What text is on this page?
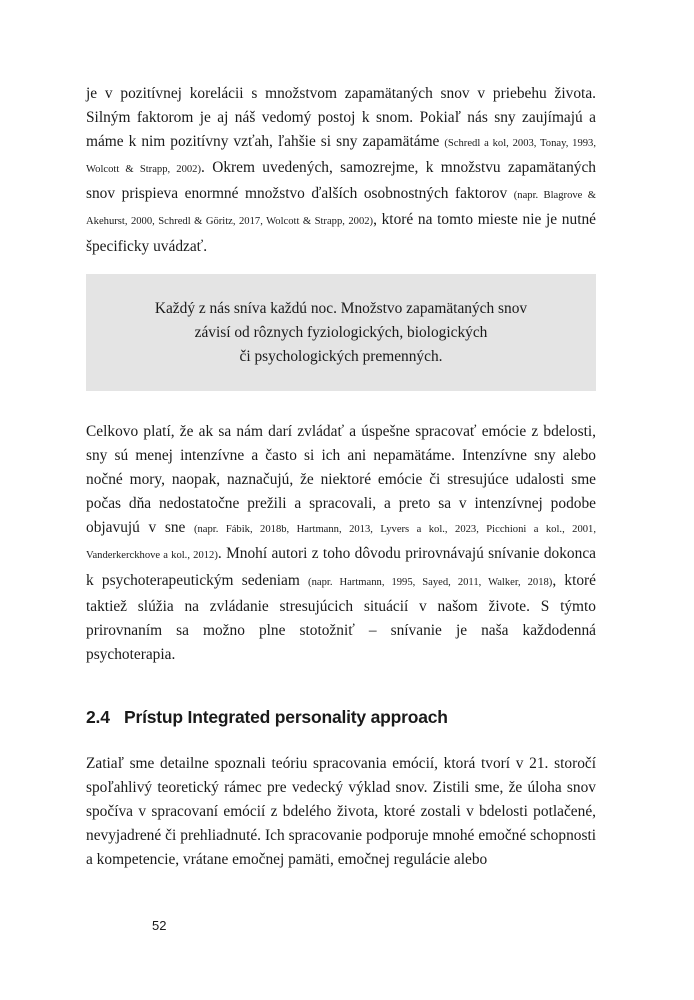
je v pozitívnej korelácii s množstvom zapamätaných snov v priebehu života. Silným faktorom je aj náš vedomý postoj k snom. Pokiaľ nás sny zaujímajú a máme k nim pozitívny vzťah, ľahšie si sny zapamätáme (Schredl a kol, 2003, Tonay, 1993, Wolcott & Strapp, 2002). Okrem uvedených, samozrejme, k množstvu zapamätaných snov prispieva enormné množstvo ďalších osobnostných faktorov (napr. Blagrove & Akehurst, 2000, Schredl & Göritz, 2017, Wolcott & Strapp, 2002), ktoré na tomto mieste nie je nutné špecificky uvádzať.

Každý z nás sníva každú noc. Množstvo zapamätaných snov
závisí od rôznych fyziologických, biologických
či psychologických premenných.

Celkovo platí, že ak sa nám darí zvládať a úspešne spracovať emócie z bdelosti, sny sú menej intenzívne a často si ich ani nepamätáme. Intenzívne sny alebo nočné mory, naopak, naznačujú, že niektoré emócie či stresujúce udalosti sme počas dňa nedostatočne prežili a spracovali, a preto sa v intenzívnej podobe objavujú v sne (napr. Fábik, 2018b, Hartmann, 2013, Lyvers a kol., 2023, Picchioni a kol., 2001, Vanderkerckhove a kol., 2012). Mnohí autori z toho dôvodu prirovnávajú snívanie dokonca k psychoterapeutickým sedeniam (napr. Hartmann, 1995, Sayed, 2011, Walker, 2018), ktoré taktiež slúžia na zvládanie stresujúcich situácií v našom živote. S týmto prirovnaním sa možno plne stotožniť – snívanie je naša každodenná psychoterapia.

2.4 Prístup Integrated personality approach

Zatiaľ sme detailne spoznali teóriu spracovania emócií, ktorá tvorí v 21. storočí spoľahlivý teoretický rámec pre vedecký výklad snov. Zistili sme, že úloha snov spočíva v spracovaní emócií z bdelého života, ktoré zostali v bdelosti potlačené, nevyjadrené či prehliadnuté. Ich spracovanie podporuje mnohé emočné schopnosti a kompetencie, vrátane emočnej pamäti, emočnej regulácie alebo

52
